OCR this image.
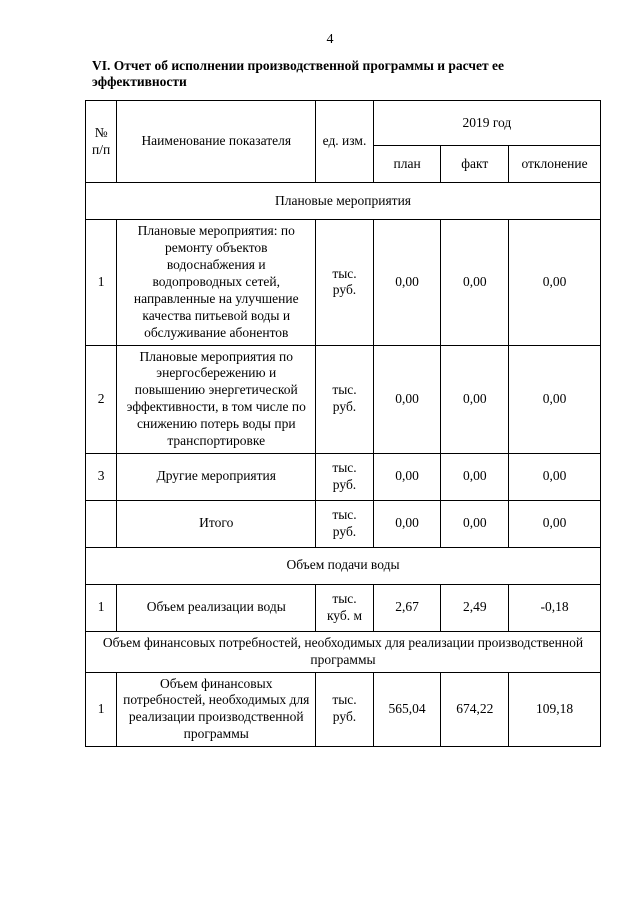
4
VI. Отчет об исполнении производственной программы и расчет ее эффективности
№ п/п	Наименование показателя	ед. изм.	2019 год		
			план	факт	отклонение
Плановые мероприятия					
1	Плановые мероприятия: по ремонту объектов водоснабжения и водопроводных сетей, направленные на улучшение качества питьевой воды и обслуживание абонентов	тыс. руб.	0,00	0,00	0,00
2	Плановые мероприятия по энергосбережению и повышению энергетической эффективности, в том числе по снижению потерь воды при транспортировке	тыс. руб.	0,00	0,00	0,00
3	Другие мероприятия	тыс. руб.	0,00	0,00	0,00
	Итого	тыс. руб.	0,00	0,00	0,00
Объем подачи воды					
1	Объем реализации воды	тыс. куб. м	2,67	2,49	-0,18
Объем финансовых потребностей, необходимых для реализации производственной программы					
1	Объем финансовых потребностей, необходимых для реализации производственной программы	тыс. руб.	565,04	674,22	109,18
